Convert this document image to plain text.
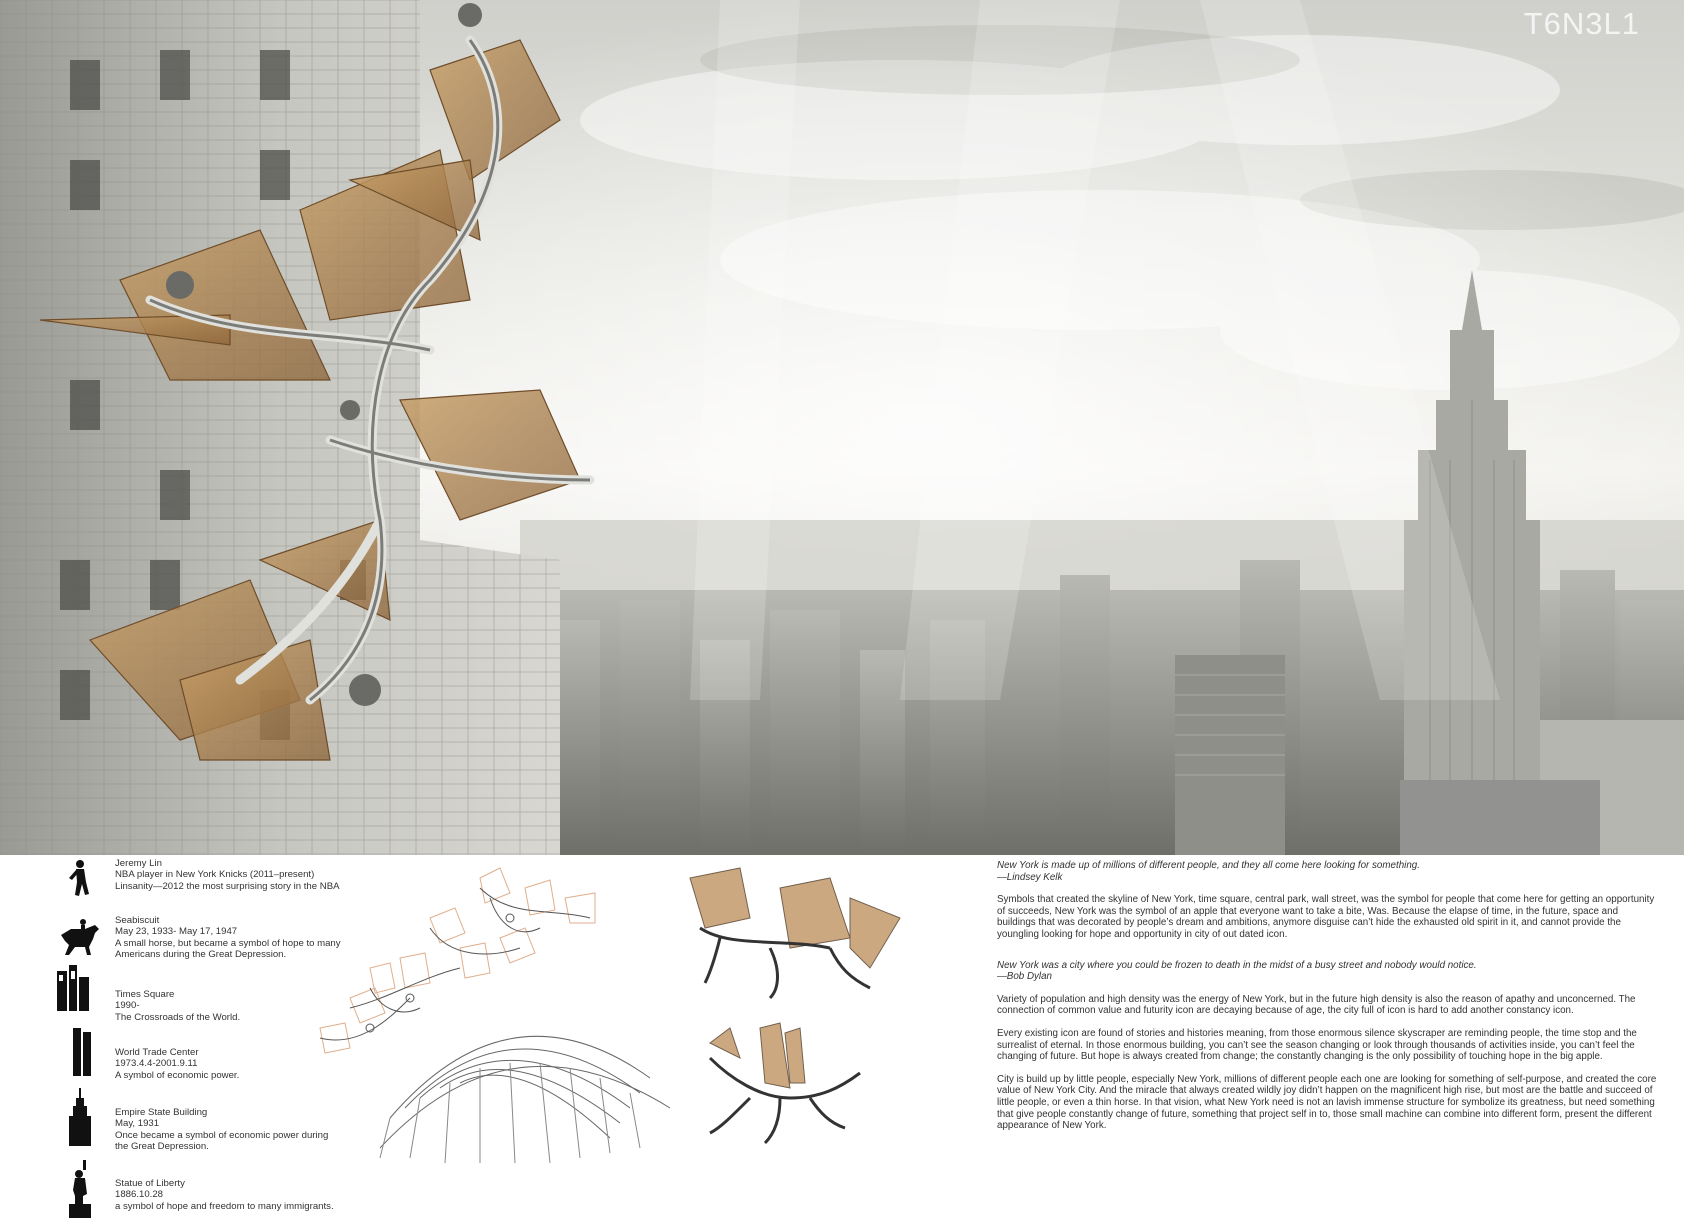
T6N3L1
Jeremy Lin
NBA player in New York Knicks (2011–present)
Linsanity—2012 the most surprising story in the NBA
Seabiscuit
May 23, 1933- May 17, 1947
A small horse, but became a symbol of hope to many
Americans during the Great Depression.
Times Square
1990-
The Crossroads of the World.
World Trade Center
1973.4.4-2001.9.11
A symbol of economic power.
Empire State Building
May, 1931
Once became a symbol of economic power during
the Great Depression.
Statue of Liberty
1886.10.28
a symbol of hope and freedom to many immigrants.

New York is made up of millions of different people, and they all come here looking for something.

—Lindsey Kelk

Symbols that created the skyline of New York, time square, central park, wall street, was the symbol for people that come here for getting an opportunity of succeeds, New York was the symbol of an apple that everyone want to take a bite, Was. Because the elapse of time, in the future, space and buildings that was decorated by people’s dream and ambitions, anymore disguise can’t hide the exhausted old spirit in it, and cannot provide the youngling looking for hope and opportunity in city of out dated icon.

New York was a city where you could be frozen to death in the midst of a busy street and nobody would notice.

—Bob Dylan

Variety of population and high density was the energy of New York, but in the future high density is also the reason of apathy and unconcerned. The connection of common value and futurity icon are decaying because of age, the city full of icon is hard to add another constancy icon.

Every existing icon are found of stories and histories meaning, from those enormous silence skyscraper are reminding people, the time stop and the surrealist of eternal. In those enormous building, you can’t see the season changing or look through thousands of activities inside, you can’t feel the changing of future. But hope is always created from change; the constantly changing is the only possibility of touching hope in the big apple.

City is build up by little people, especially New York, millions of different people each one are looking for something of self-purpose, and created the core value of New York City. And the miracle that always created wildly joy didn’t happen on the magnificent high rise, but most are the battle and succeed of little people, or even a thin horse. In that vision, what New York need is not an lavish immense structure for symbolize its greatness, but need something that give people constantly change of future, something that project self in to, those small machine can combine into different form, present the different appearance of New York.
